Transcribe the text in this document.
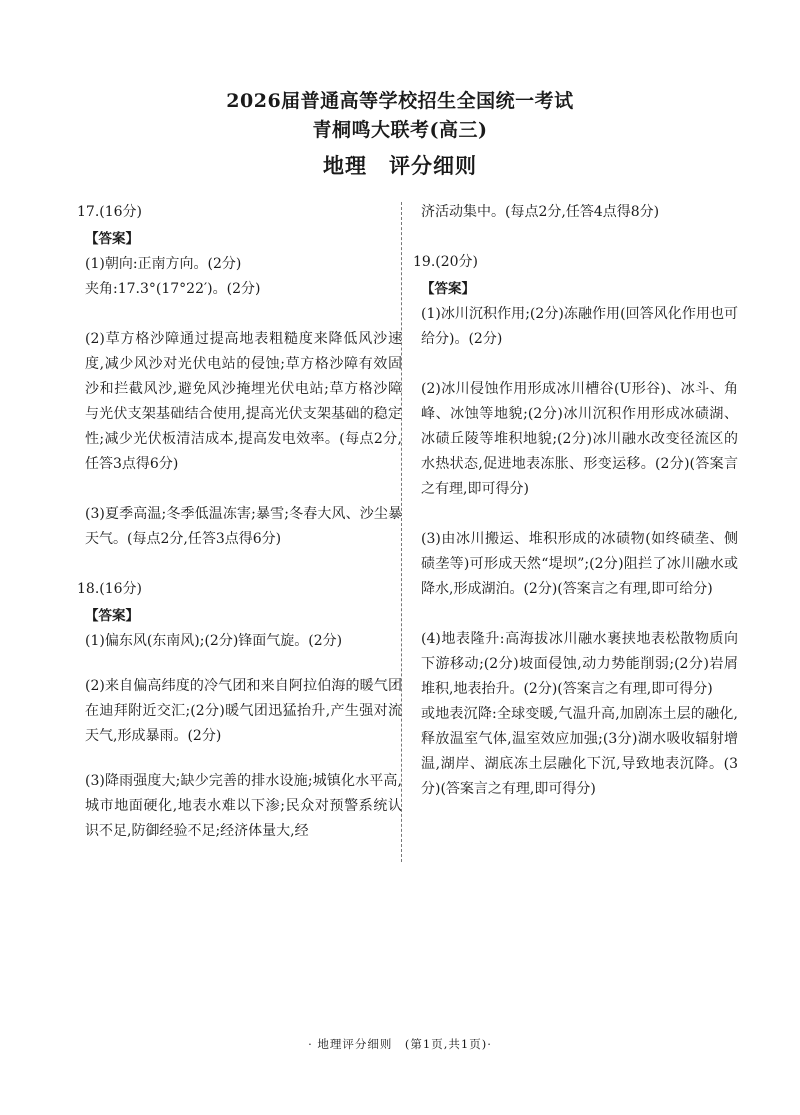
2026届普通高等学校招生全国统一考试
青桐鸣大联考(高三)
地理　评分细则

17.(16分)

【答案】

(1)朝向:正南方向。(2分)

夹角:17.3°(17°22′)。(2分)

(2)草方格沙障通过提高地表粗糙度来降低风沙速度,减少风沙对光伏电站的侵蚀;草方格沙障有效固沙和拦截风沙,避免风沙掩埋光伏电站;草方格沙障与光伏支架基础结合使用,提高光伏支架基础的稳定性;减少光伏板清洁成本,提高发电效率。(每点2分,任答3点得6分)

(3)夏季高温;冬季低温冻害;暴雪;冬春大风、沙尘暴天气。(每点2分,任答3点得6分)

18.(16分)

【答案】

(1)偏东风(东南风);(2分)锋面气旋。(2分)

(2)来自偏高纬度的冷气团和来自阿拉伯海的暖气团在迪拜附近交汇;(2分)暖气团迅猛抬升,产生强对流天气,形成暴雨。(2分)

(3)降雨强度大;缺少完善的排水设施;城镇化水平高,城市地面硬化,地表水难以下渗;民众对预警系统认识不足,防御经验不足;经济体量大,经

济活动集中。(每点2分,任答4点得8分)

19.(20分)

【答案】

(1)冰川沉积作用;(2分)冻融作用(回答风化作用也可给分)。(2分)

(2)冰川侵蚀作用形成冰川槽谷(U形谷)、冰斗、角峰、冰蚀等地貌;(2分)冰川沉积作用形成冰碛湖、冰碛丘陵等堆积地貌;(2分)冰川融水改变径流区的水热状态,促进地表冻胀、形变运移。(2分)(答案言之有理,即可得分)

(3)由冰川搬运、堆积形成的冰碛物(如终碛垄、侧碛垄等)可形成天然“堤坝”;(2分)阻拦了冰川融水或降水,形成湖泊。(2分)(答案言之有理,即可给分)

(4)地表隆升:高海拔冰川融水裹挟地表松散物质向下游移动;(2分)坡面侵蚀,动力势能削弱;(2分)岩屑堆积,地表抬升。(2分)(答案言之有理,即可得分)

或地表沉降:全球变暖,气温升高,加剧冻土层的融化,释放温室气体,温室效应加强;(3分)湖水吸收辐射增温,湖岸、湖底冻土层融化下沉,导致地表沉降。(3分)(答案言之有理,即可得分)

· 地理评分细则　(第1页,共1页)·
